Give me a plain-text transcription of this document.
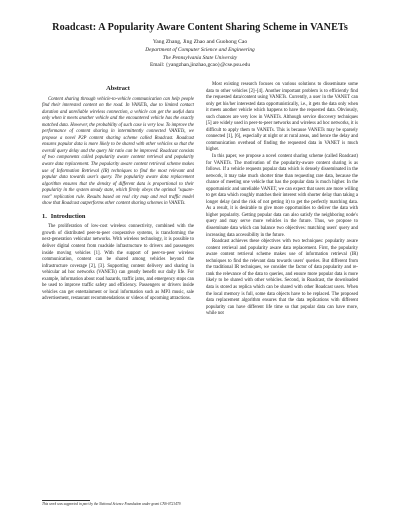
Roadcast: A Popularity Aware Content Sharing Scheme in VANETs
Yang Zhang, Jing Zhao and Guohong Cao
Department of Computer Science and Engineering
The Pennsylvania State University
Email: {yangzhan,jinzhao,gcao}@cse.psu.edu
Abstract
Content sharing through vehicle-to-vehicle communication can help people find their interested content on the road. In VANETs, due to limited contact duration and unreliable wireless connection, a vehicle can get the useful data only when it meets another vehicle and the encountered vehicle has the exactly matched data. However, the probability of such case is very low. To improve the performance of content sharing in intermittently connected VANETs, we propose a novel P2P content sharing scheme called Roadcast. Roadcast ensures popular data is more likely to be shared with other vehicles so that the overall query delay and the query hit ratio can be improved. Roadcast consists of two components called popularity aware content retrieval and popularity aware data replacement. The popularity aware content retrieval scheme makes use of Information Retrieval (IR) techniques to find the most relevant and popular data towards user's query. The popularity aware data replacement algorithm ensures that the density of different data is proportional to their popularity in the system steady state, which firmly obeys the optimal "square-root" replication rule. Results based on real city map and real traffic model show that Roadcast outperforms other content sharing schemes in VANETs.
1. Introduction

The proliferation of low-cost wireless connectivity, combined with the growth of distributed peer-to-peer cooperative systems, is transforming the next-generation vehicular networks. With wireless technology, it is possible to deliver digital content from roadside infrastructure to drivers and passengers inside moving vehicles [1]. With the support of peer-to-peer wireless communication, content can be shared among vehicles beyond the infrastructure coverage [2], [3]. Supporting content delivery and sharing in vehicular ad hoc networks (VANETs) can greatly benefit our daily life. For example, information about road hazards, traffic jams, and emergency stops can be used to improve traffic safety and efficiency. Passengers or drivers inside vehicles can get entertainment or local information such as MP3 music, sale advertisement, restaurant recommendations or videos of upcoming attractions.

Most existing research focuses on various solutions to disseminate some data to other vehicles [2]–[4]. Another important problem is to efficiently find the requested data/content using VANETs. Currently, a user in the VANET can only get his/her interested data opportunistically, i.e., it gets the data only when it meets another vehicle which happens to have the requested data. Obviously, such chances are very low in VANETs. Although service discovery techniques [5] are widely used in peer-to-peer networks and wireless ad hoc networks, it is difficult to apply them to VANETs. This is because VANETs may be sparsely connected [1], [6], especially at night or at rural areas, and hence the delay and communication overhead of finding the requested data in VANET is much higher.

In this paper, we propose a novel content sharing scheme (called Roadcast) for VANETs. The motivation of the popularity-aware content sharing is as follows. If a vehicle requests popular data which is densely disseminated in the network, it may take much shorter time than requesting rare data, because the chance of meeting one vehicle that has the popular data is much higher. In the opportunistic and unreliable VANET, we can expect that users are more willing to get data which roughly matches their interest with shorter delay than taking a longer delay (and the risk of not getting it) to get the perfectly matching data. As a result, it is desirable to give more opportunities to deliver the data with higher popularity. Getting popular data can also satisfy the neighboring node's query and may serve more vehicles in the future. Thus, we propose to disseminate data which can balance two objectives: matching users' query and increasing data accessibility in the future.

Roadcast achieves these objectives with two techniques: popularity aware content retrieval and popularity aware data replacement. First, the popularity aware content retrieval scheme makes use of information retrieval (IR) techniques to find the relevant data towards users' queries. But different from the traditional IR techniques, we consider the factor of data popularity and re-rank the relevance of the data to queries, and ensure more popular data is more likely to be shared with other vehicles. Second, in Roadcast, the downloaded data is stored as replica which can be shared with other Roadcast users. When the local memory is full, some data objects have to be replaced. The proposed data replacement algorithm ensures that the data replications with different popularity can have different life time so that popular data can have more, while not

This work was supported in part by the National Science Foundation under grant CNS-0721479.
